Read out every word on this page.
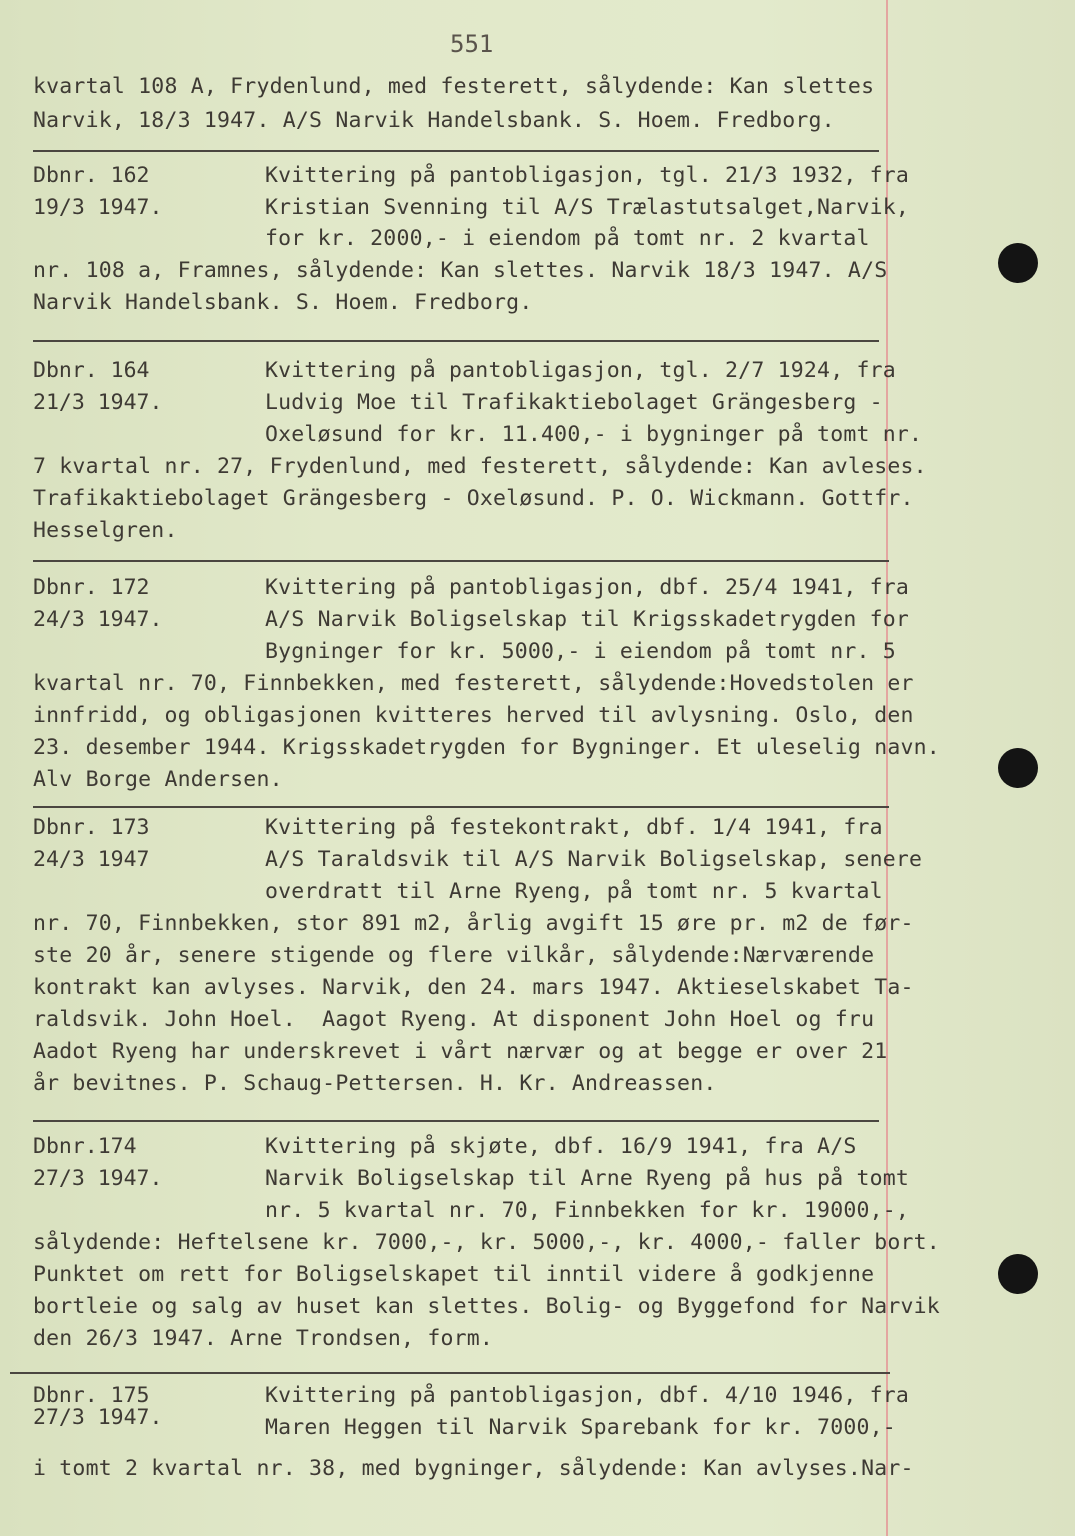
551
kvartal 108 A, Frydenlund, med festerett, sålydende: Kan slettes
Narvik, 18/3 1947. A/S Narvik Handelsbank. S. Hoem. Fredborg.
Dbnr. 162
19/3 1947.
Kvittering på pantobligasjon, tgl. 21/3 1932, fra
Kristian Svenning til A/S Trælastutsalget,Narvik,
for kr. 2000,- i eiendom på tomt nr. 2 kvartal
nr. 108 a, Framnes, sålydende: Kan slettes. Narvik 18/3 1947. A/S
Narvik Handelsbank. S. Hoem. Fredborg.
Dbnr. 164
21/3 1947.
Kvittering på pantobligasjon, tgl. 2/7 1924, fra
Ludvig Moe til Trafikaktiebolaget Grängesberg -
Oxeløsund for kr. 11.400,- i bygninger på tomt nr.
7 kvartal nr. 27, Frydenlund, med festerett, sålydende: Kan avleses.
Trafikaktiebolaget Grängesberg - Oxeløsund. P. O. Wickmann. Gottfr.
Hesselgren.
Dbnr. 172
24/3 1947.
Kvittering på pantobligasjon, dbf. 25/4 1941, fra
A/S Narvik Boligselskap til Krigsskadetrygden for
Bygninger for kr. 5000,- i eiendom på tomt nr. 5
kvartal nr. 70, Finnbekken, med festerett, sålydende:Hovedstolen er
innfridd, og obligasjonen kvitteres herved til avlysning. Oslo, den
23. desember 1944. Krigsskadetrygden for Bygninger. Et uleselig navn.
Alv Borge Andersen.
Dbnr. 173
24/3 1947
Kvittering på festekontrakt, dbf. 1/4 1941, fra
A/S Taraldsvik til A/S Narvik Boligselskap, senere
overdratt til Arne Ryeng, på tomt nr. 5 kvartal
nr. 70, Finnbekken, stor 891 m2, årlig avgift 15 øre pr. m2 de før-
ste 20 år, senere stigende og flere vilkår, sålydende:Nærværende
kontrakt kan avlyses. Narvik, den 24. mars 1947. Aktieselskabet Ta-
raldsvik. John Hoel.  Aagot Ryeng. At disponent John Hoel og fru
Aadot Ryeng har underskrevet i vårt nærvær og at begge er over 21
år bevitnes. P. Schaug-Pettersen. H. Kr. Andreassen.
Dbnr.174
27/3 1947.
Kvittering på skjøte, dbf. 16/9 1941, fra A/S
Narvik Boligselskap til Arne Ryeng på hus på tomt
nr. 5 kvartal nr. 70, Finnbekken for kr. 19000,-,
sålydende: Heftelsene kr. 7000,-, kr. 5000,-, kr. 4000,- faller bort.
Punktet om rett for Boligselskapet til inntil videre å godkjenne
bortleie og salg av huset kan slettes. Bolig- og Byggefond for Narvik
den 26/3 1947. Arne Trondsen, form.
Dbnr. 175
27/3 1947.
Kvittering på pantobligasjon, dbf. 4/10 1946, fra
Maren Heggen til Narvik Sparebank for kr. 7000,-
i tomt 2 kvartal nr. 38, med bygninger, sålydende: Kan avlyses.Nar-
